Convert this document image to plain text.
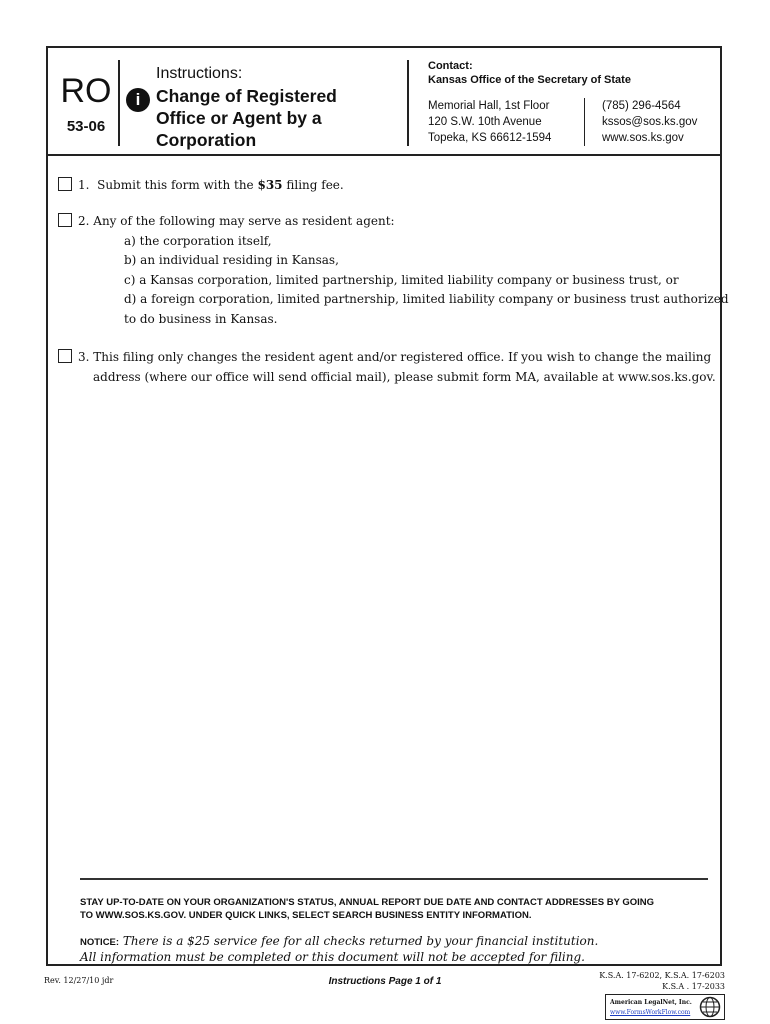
RO
53-06
i
Instructions:
Change of Registered
Office or Agent by a
Corporation
Contact:
Kansas Office of the Secretary of State
Memorial Hall, 1st Floor
120 S.W. 10th Avenue
Topeka, KS 66612-1594
(785) 296-4564
kssos@sos.ks.gov
www.sos.ks.gov
1. Submit this form with the $35 filing fee.
2. Any of the following may serve as resident agent:
a) the corporation itself,
b) an individual residing in Kansas,
c) a Kansas corporation, limited partnership, limited liability company or business trust, or
d) a foreign corporation, limited partnership, limited liability company or business trust authorized
to do business in Kansas.
3. This filing only changes the resident agent and/or registered office. If you wish to change the mailing
address (where our office will send official mail), please submit form MA, available at www.sos.ks.gov.
STAY UP-TO-DATE ON YOUR ORGANIZATION'S STATUS, ANNUAL REPORT DUE DATE AND CONTACT ADDRESSES BY GOING
TO WWW.SOS.KS.GOV. UNDER QUICK LINKS, SELECT SEARCH BUSINESS ENTITY INFORMATION.
NOTICE: There is a $25 service fee for all checks returned by your financial institution.
All information must be completed or this document will not be accepted for filing.
Rev. 12/27/10 jdr	Instructions Page 1 of 1
K.S.A. 17-6202, K.S.A. 17-6203
K.S.A . 17-2033
American LegalNet, Inc.
www.FormsWorkFlow.com
